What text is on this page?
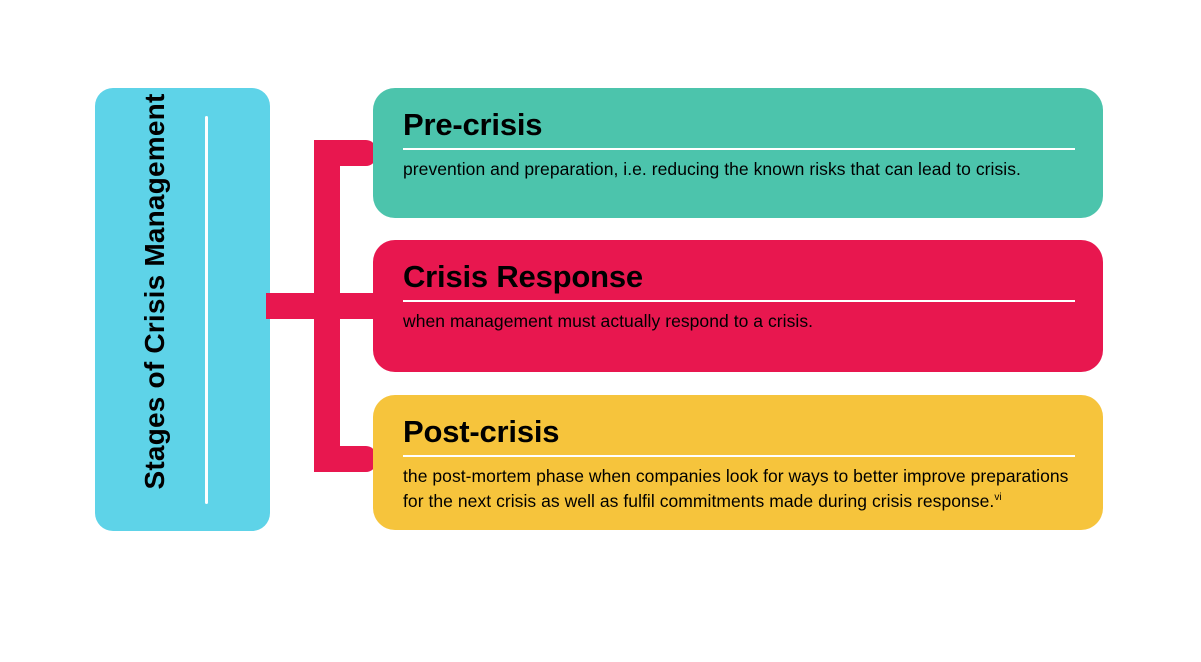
Stages of Crisis Management	Pre-crisis

prevention and preparation, i.e. reducing the known risks that can lead to crisis.

Crisis Response

when management must actually respond to a crisis.

Post-crisis

the post-mortem phase when companies look for ways to better improve preparations for the next crisis as well as fulfil commitments made during crisis response.$^{vi}$
